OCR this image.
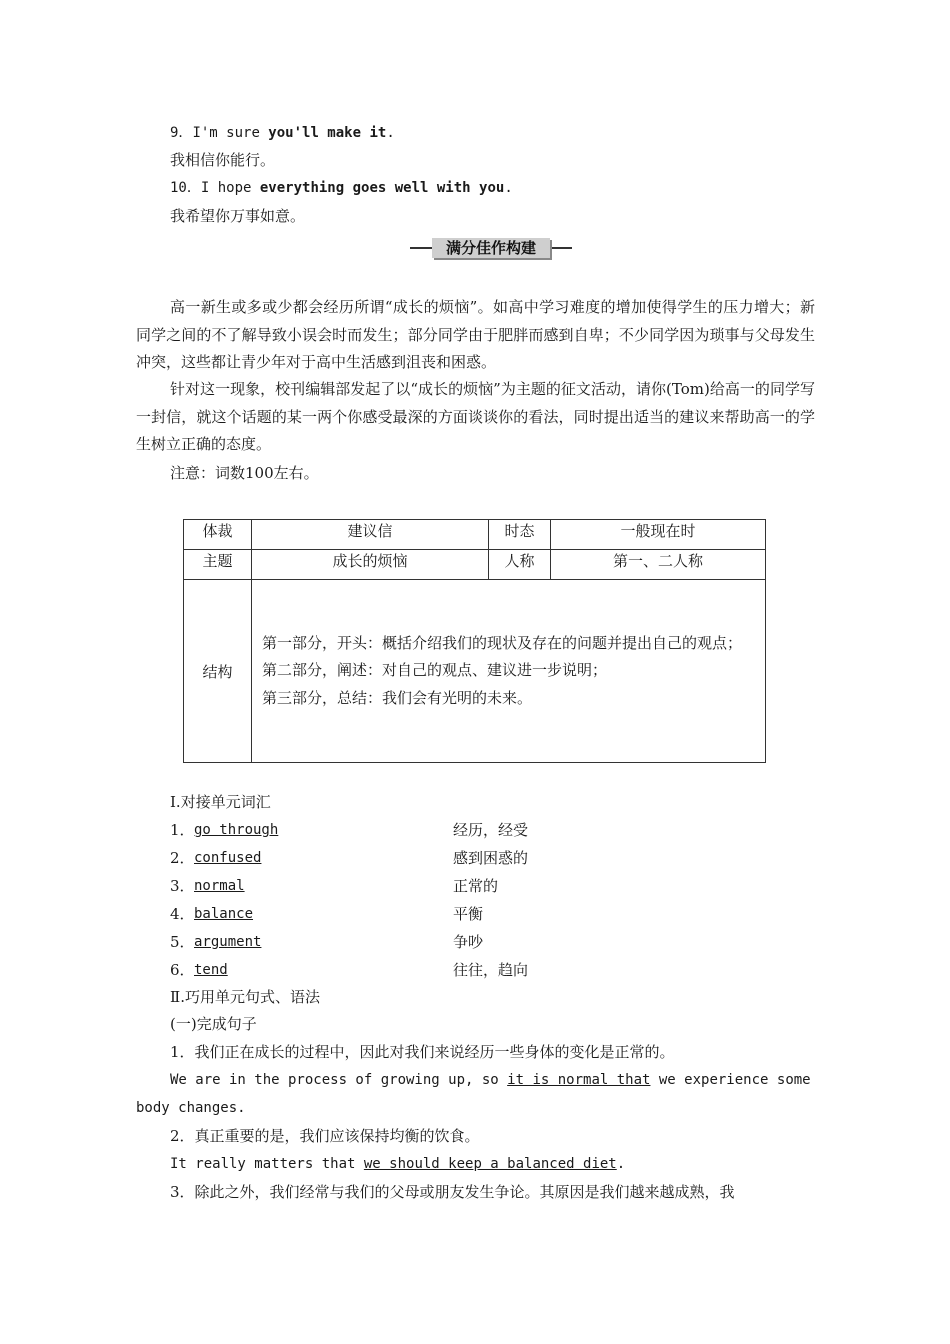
9．I'm sure you'll make it.
我相信你能行。
10．I hope everything goes well with you.
我希望你万事如意。
满分佳作构建
高一新生或多或少都会经历所谓“成长的烦恼”。如高中学习难度的增加使得学生的压力增大；新同学之间的不了解导致小误会时而发生；部分同学由于肥胖而感到自卑；不少同学因为琐事与父母发生冲突，这些都让青少年对于高中生活感到沮丧和困惑。
针对这一现象，校刊编辑部发起了以“成长的烦恼”为主题的征文活动，请你(Tom)给高一的同学写一封信，就这个话题的某一两个你感受最深的方面谈谈你的看法，同时提出适当的建议来帮助高一的学生树立正确的态度。
注意：词数100左右。
体裁	建议信	时态	一般现在时
主题	成长的烦恼	人称	第一、二人称
结构	第一部分，开头：概括介绍我们的现状及存在的问题并提出自己的观点；
第二部分，阐述：对自己的观点、建议进一步说明；
第三部分，总结：我们会有光明的未来。		
Ⅰ.对接单元词汇
1． go through	经历，经受
2． confused	感到困惑的
3． normal	正常的
4． balance	平衡
5． argument	争吵
6． tend	往往，趋向
Ⅱ.巧用单元句式、语法
(一)完成句子
1．我们正在成长的过程中，因此对我们来说经历一些身体的变化是正常的。
We are in the process of growing up, so it is normal that we experience some
body changes.
2．真正重要的是，我们应该保持均衡的饮食。
It really matters that we should keep a balanced diet.
3．除此之外，我们经常与我们的父母或朋友发生争论。其原因是我们越来越成熟，我
